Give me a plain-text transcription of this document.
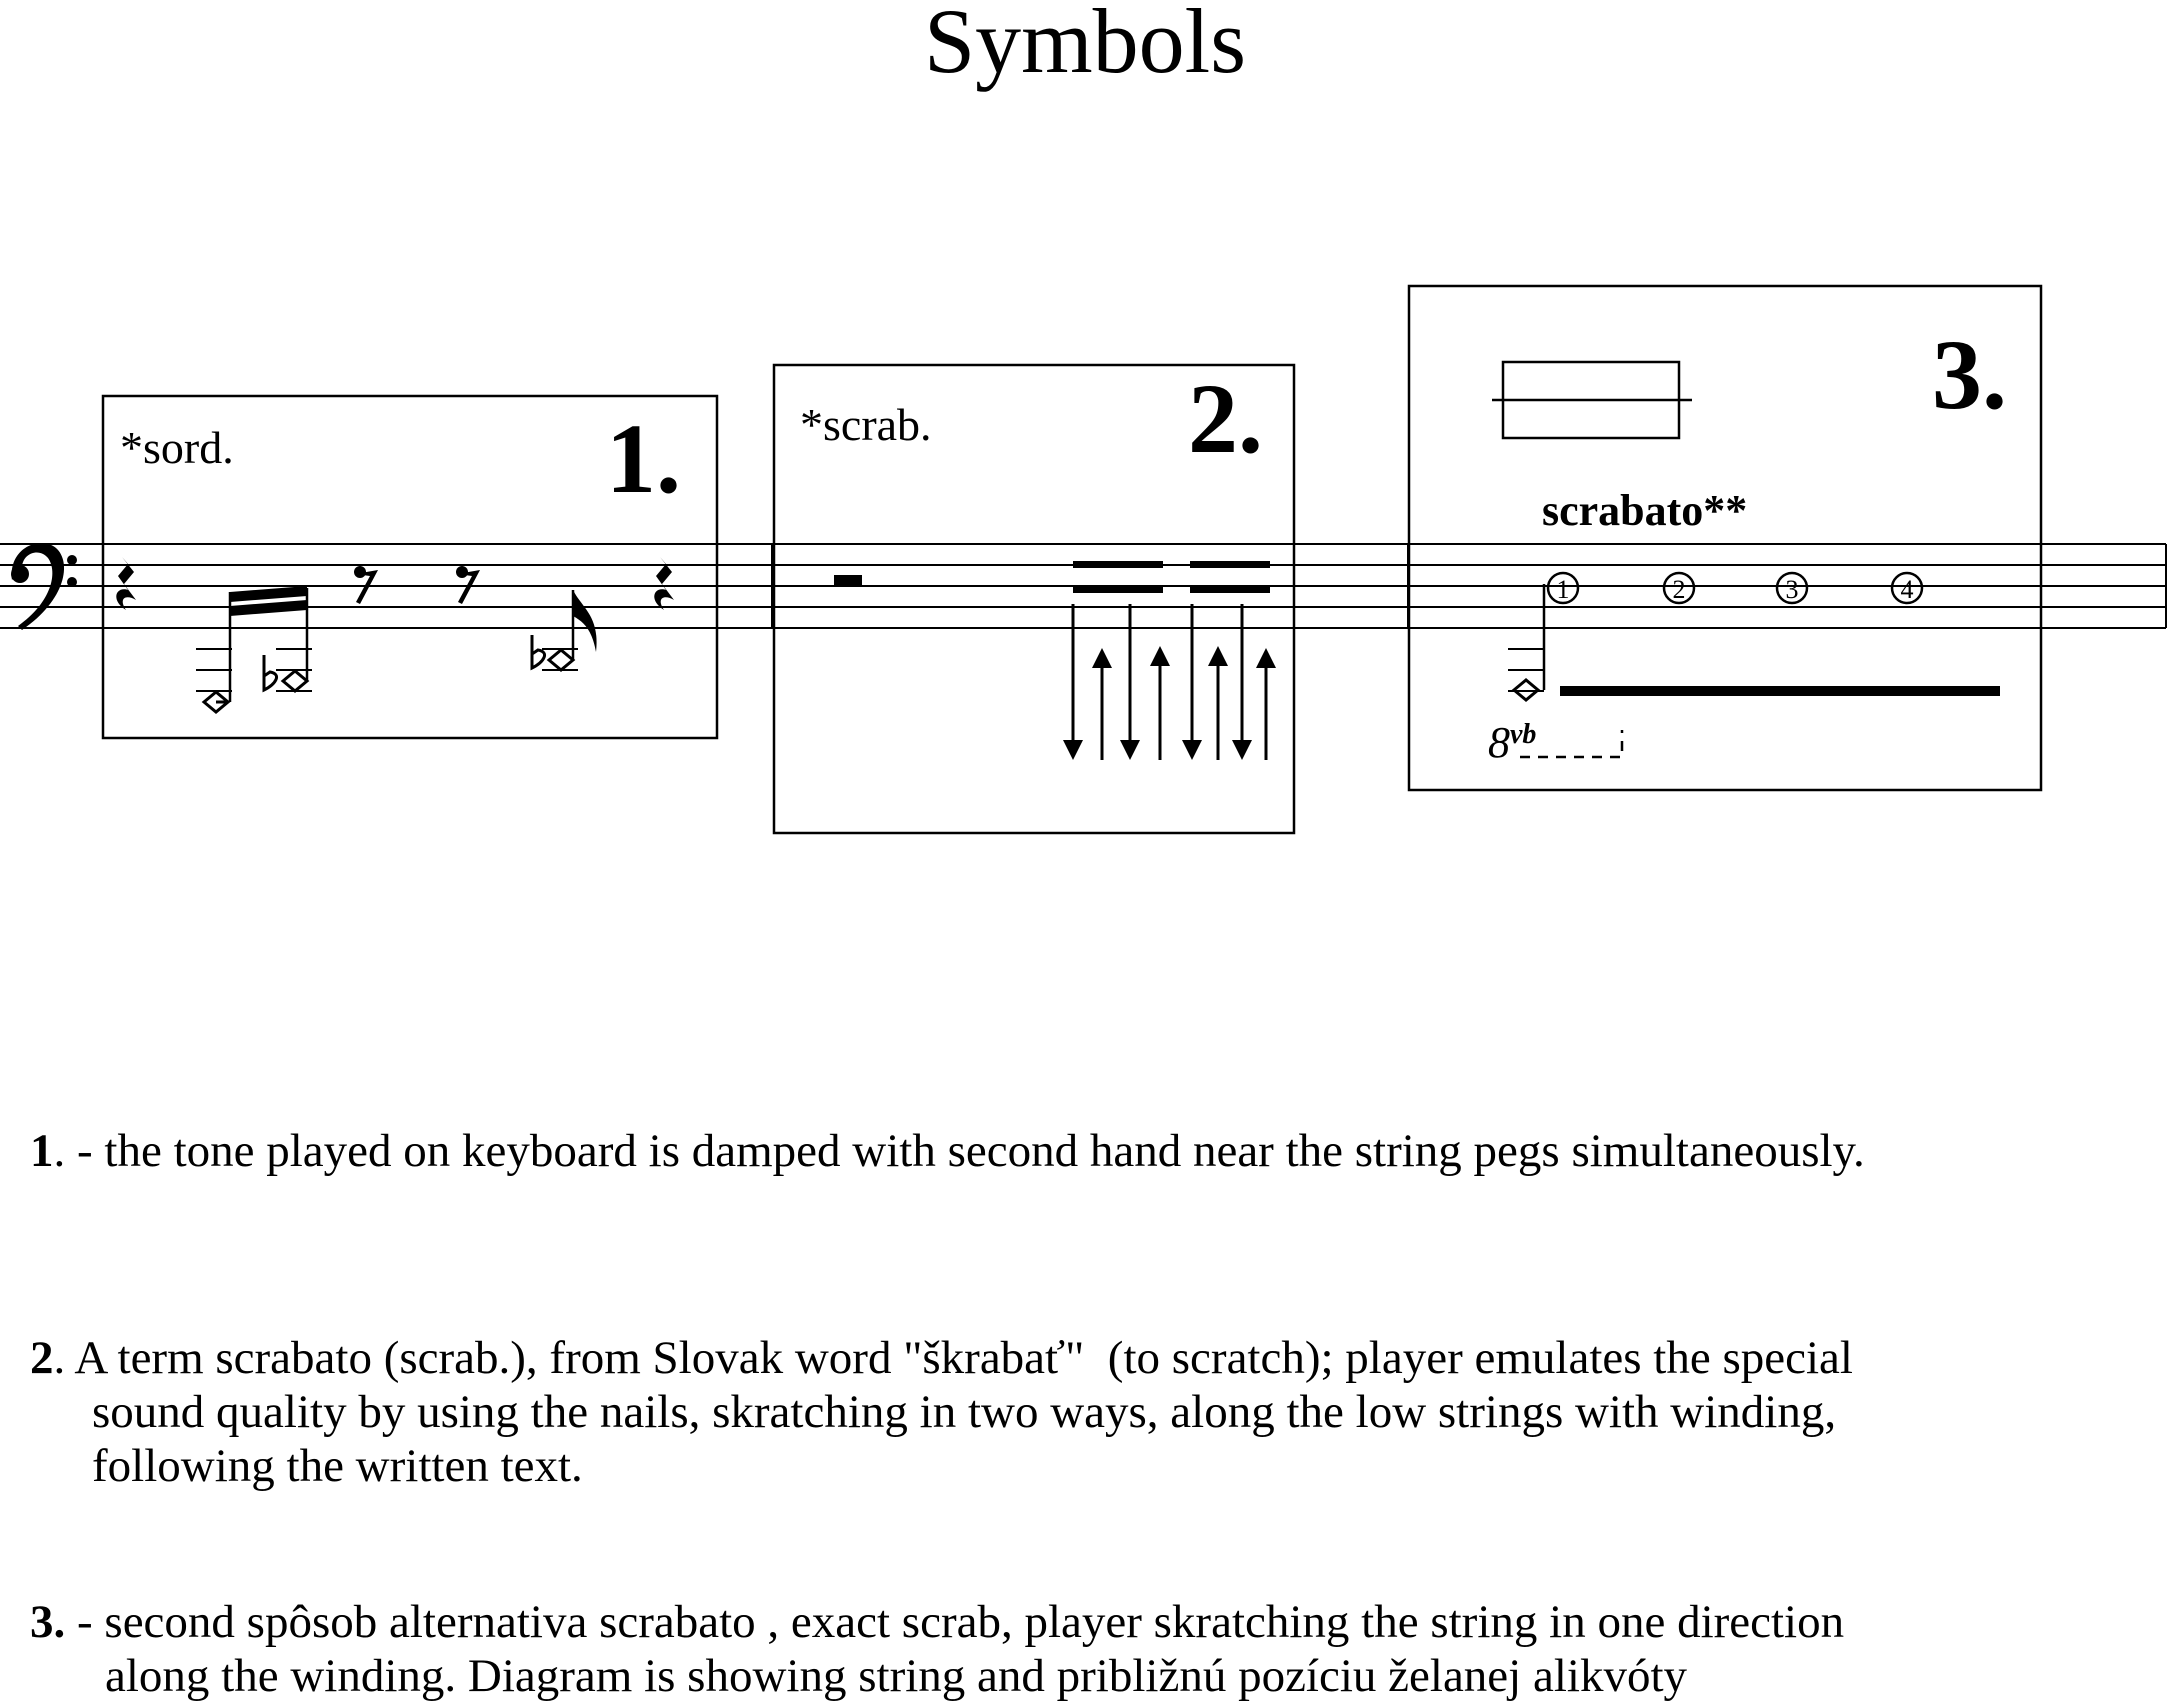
Symbols
*sord.	1.	*scrab.	2.	3.
scrabato**
1	2	3	4
$8^{vb}$

1. - the tone played on keyboard is damped with second hand near the string pegs simultaneously.

2. A term scrabato (scrab.), from Slovak word "škrabať"  (to scratch); player emulates the special
sound quality by using the nails, skratching in two ways, along the low strings with winding,
following the written text.

3. - second spôsob alternativa scrabato , exact scrab, player skratching the string in one direction
along the winding. Diagram is showing string and približnú pozíciu želanej alikvóty
